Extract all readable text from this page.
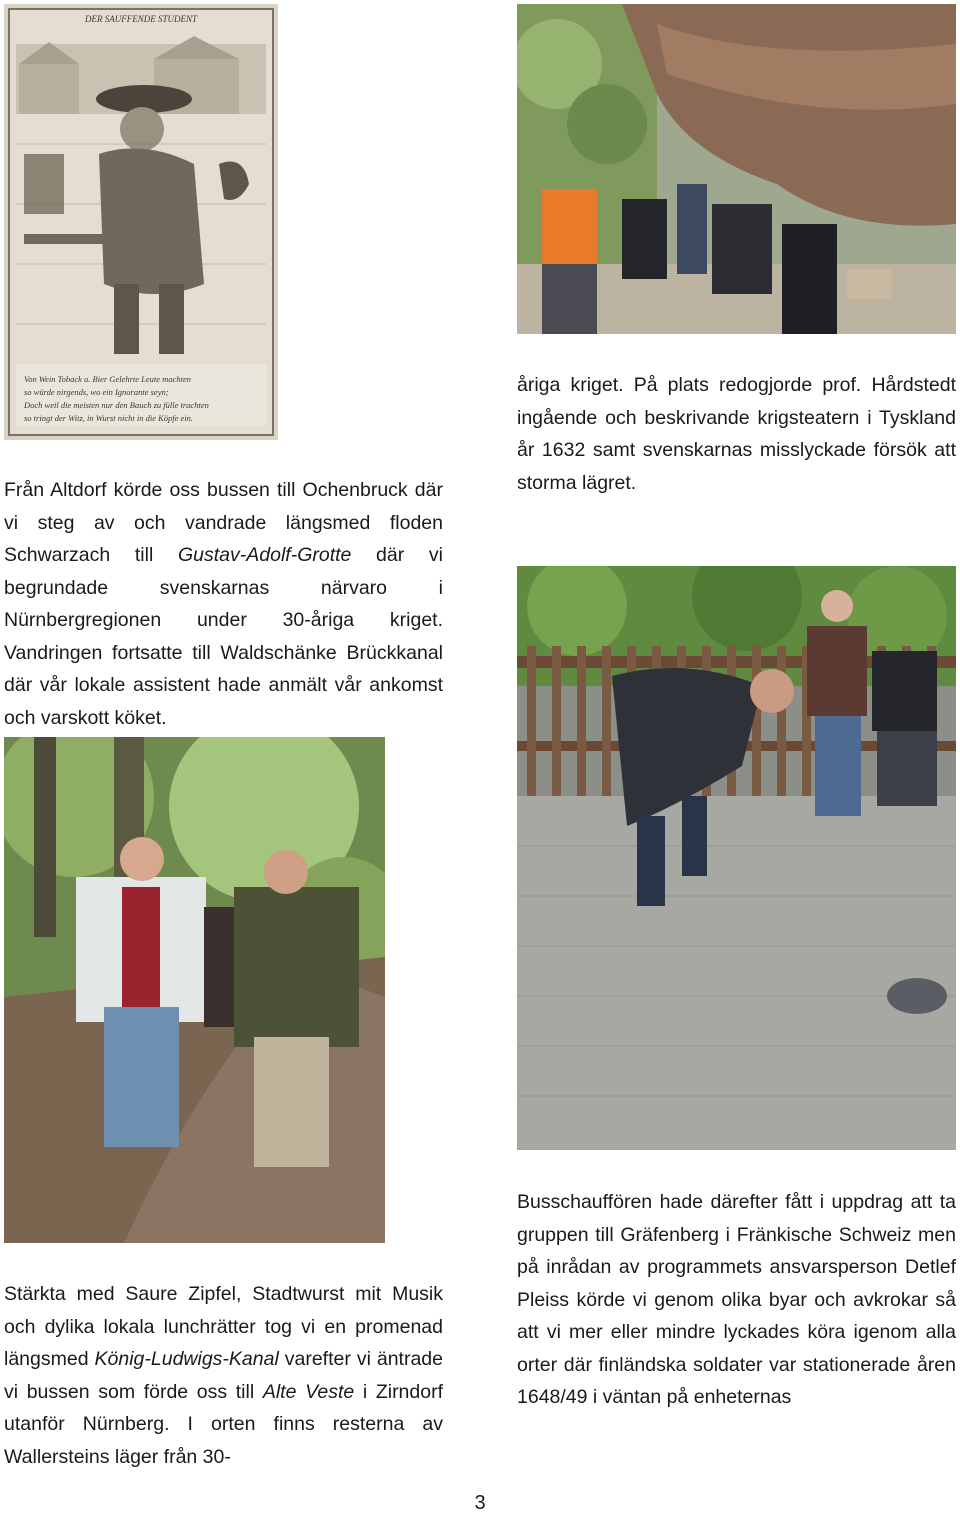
DER SAUFFENDE STUDENT
Von Wein Toback u. Bier Gelehrte Leute machten
so würde nirgends, wo ein Ignorante seyn;
Doch weil die meisten nur den Bauch zu fülle trachten
so tringt der Witz, in Wurst nicht in die Köpfe ein.
åriga kriget. På plats redogjorde prof. Hårdstedt ingående och beskrivande krigsteatern i Tyskland år 1632 samt svenskarnas misslyckade försök att storma lägret.
Från Altdorf körde oss bussen till Ochenbruck där vi steg av och vandrade längsmed floden Schwarzach till Gustav-Adolf-Grotte där vi begrundade svenskarnas närvaro i Nürnbergregionen under 30-åriga kriget. Vandringen fortsatte till Waldschänke Brückkanal där vår lokale assistent hade anmält vår ankomst och varskott köket.
Busschauffören hade därefter fått i uppdrag att ta gruppen till Gräfenberg i Fränkische Schweiz men på inrådan av programmets ansvarsperson Detlef Pleiss körde vi genom olika byar och avkrokar så att vi mer eller mindre lyckades köra igenom alla orter där finländska soldater var stationerade åren 1648/49 i väntan på enheternas
Stärkta med Saure Zipfel, Stadtwurst mit Musik och dylika lokala lunchrätter tog vi en promenad längsmed König-Ludwigs-Kanal varefter vi äntrade vi bussen som förde oss till Alte Veste i Zirndorf utanför Nürnberg. I orten finns resterna av Wallersteins läger från 30-
3
